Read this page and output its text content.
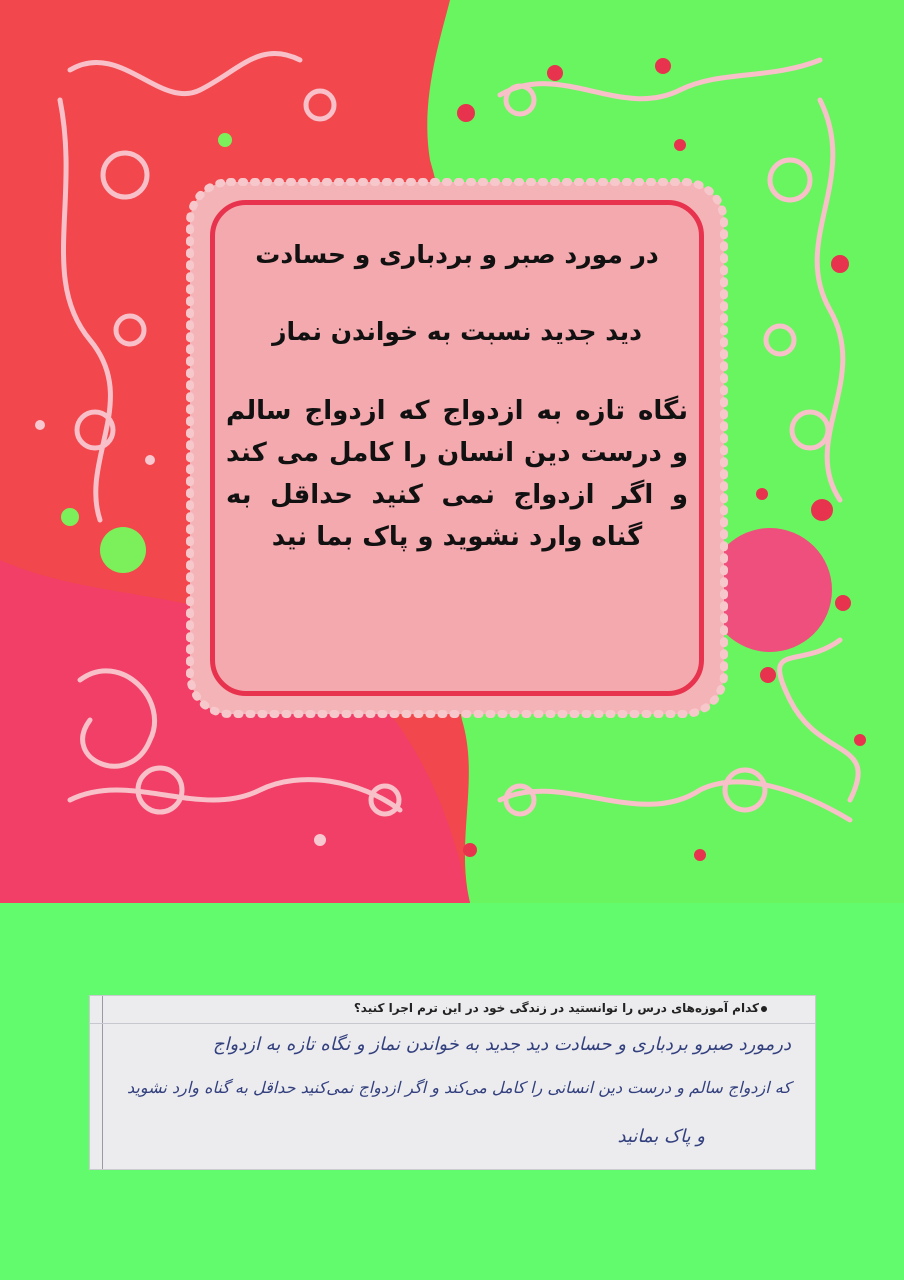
در مورد صبر و بردباری و حسادت
دید جدید نسبت به خواندن نماز
نگاه تازه به ازدواج که ازدواج سالم و درست دین انسان را کامل می کند و اگر ازدواج نمی کنید حداقل به گناه وارد نشوید و پاک بما نید
کدام آموزه‌های درس را توانستید در زندگی خود در این ترم اجرا کنید؟
درمورد صبرو بردباری و حسادت دید جدید به خواندن نماز و نگاه تازه به ازدواج
که ازدواج سالم و درست دین انسانی را کامل می‌کند و اگر ازدواج نمی‌کنید حداقل به گناه وارد نشوید
و پاک بمانید
